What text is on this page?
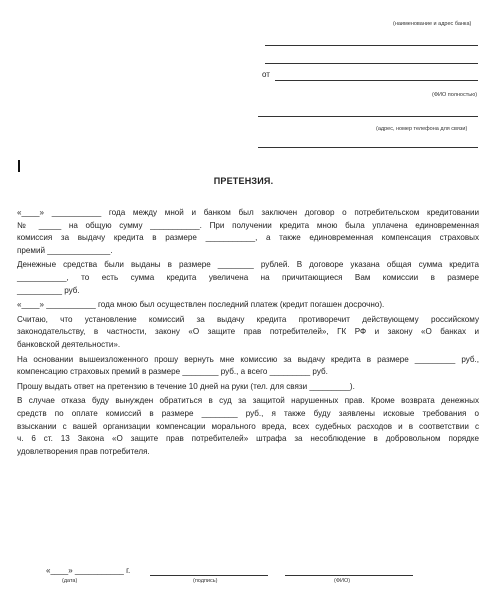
(наименование и адрес банка)
от
(ФИО полностью)
(адрес, номер телефона для связи)
ПРЕТЕНЗИЯ.
«____» ___________ года между мной и банком был заключен договор о потребительском кредитовании
№ _____ на общую сумму ___________. При получении кредита мною была уплачена единовременная
комиссия за выдачу кредита в размере ___________, а также единовременная компенсация страховых
премий ______________.
Денежные средства были выданы в размере ________ рублей. В договоре указана общая сумма кредита
___________, то есть сумма кредита увеличена на причитающиеся Вам комиссии в размере
__________ руб.
«____» ___________ года мною был осуществлен последний платеж (кредит погашен досрочно).
Считаю, что установление комиссий за выдачу кредита противоречит действующему российскому
законодательству, в частности, закону «О защите прав потребителей», ГК РФ и закону «О банках и
банковской деятельности».
На основании вышеизложенного прошу вернуть мне комиссию за выдачу кредита в размере _________ руб.,
компенсацию страховых премий в размере ________ руб., а всего _________ руб.
Прошу выдать ответ на претензию в течение 10 дней на руки (тел. для связи _________).
В случае отказа буду вынужден обратиться в суд за защитой нарушенных прав. Кроме возврата денежных
средств по оплате комиссий в размере ________ руб., я также буду заявлены исковые требования о
взыскании с вашей организации компенсации морального вреда, всех судебных расходов и в соответствии с
ч. 6 ст. 13 Закона «О защите прав потребителей» штрафа за несоблюдение в добровольном порядке
удовлетворения прав потребителя.
«____» ___________ г.
(дата)	(подпись)	(ФИО)
